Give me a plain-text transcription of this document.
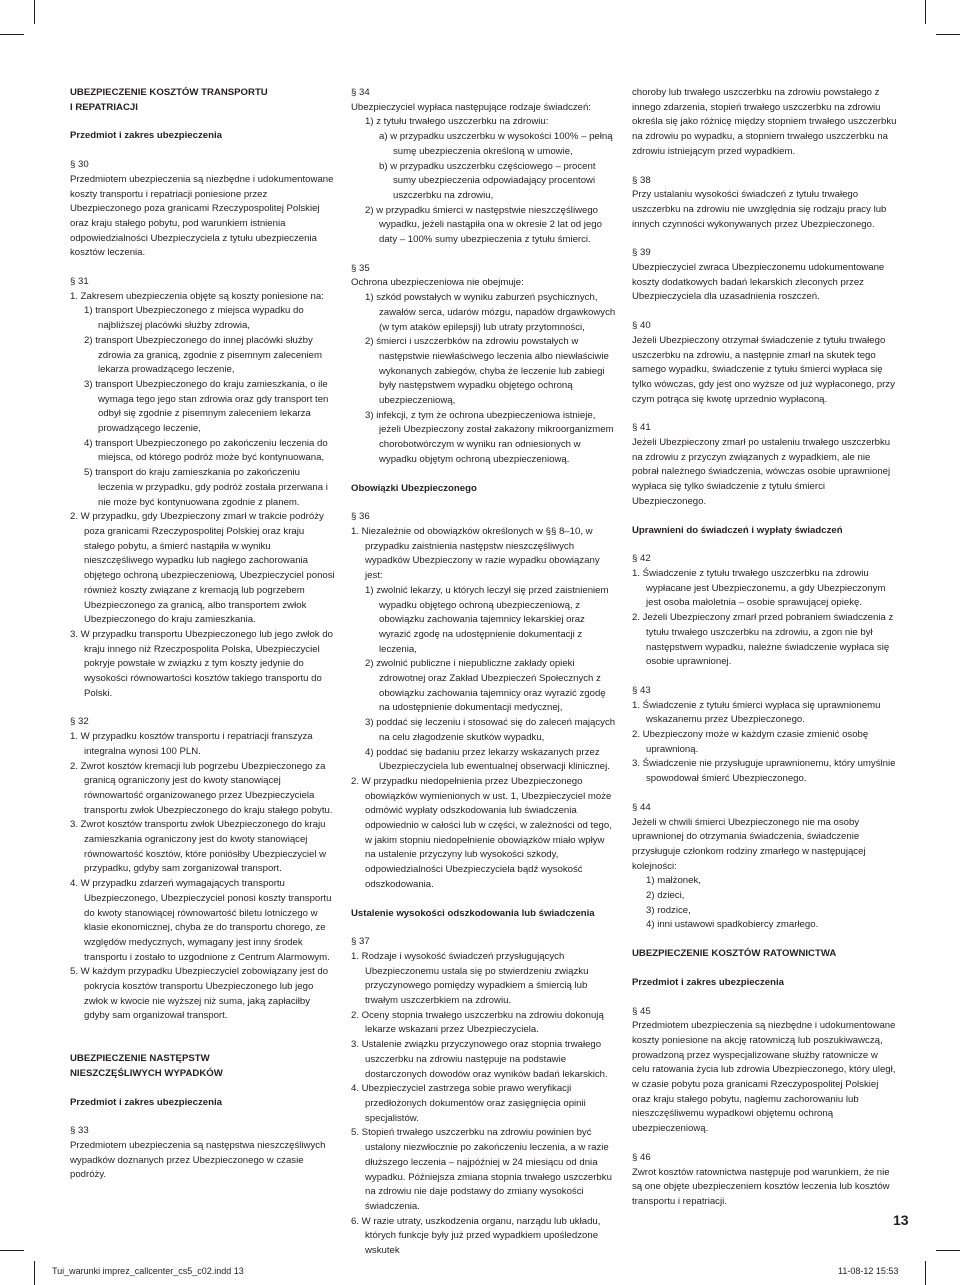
UBEZPIECZENIE KOSZTÓW TRANSPORTU

I REPATRIACJI

Przedmiot i zakres ubezpieczenia

§ 30

Przedmiotem ubezpieczenia są niezbędne i udokumentowane koszty transportu i repatriacji poniesione przez Ubezpieczonego poza granicami Rzeczypospolitej Polskiej oraz kraju stałego pobytu, pod warunkiem istnienia odpowiedzialności Ubezpieczyciela z tytułu ubezpieczenia kosztów leczenia.

§ 31

1. Zakresem ubezpieczenia objęte są koszty poniesione na:

1) transport Ubezpieczonego z miejsca wypadku do najbliższej placówki służby zdrowia,

2) transport Ubezpieczonego do innej placówki służby zdrowia za granicą, zgodnie z pisemnym zaleceniem lekarza prowadzącego leczenie,

3) transport Ubezpieczonego do kraju zamieszkania, o ile wymaga tego jego stan zdrowia oraz gdy transport ten odbył się zgodnie z pisemnym zaleceniem lekarza prowadzącego leczenie,

4) transport Ubezpieczonego po zakończeniu leczenia do miejsca, od którego podróż może być kontynuowana,

5) transport do kraju zamieszkania po zakończeniu leczenia w przypadku, gdy podróż została przerwana i nie może być kontynuowana zgodnie z planem.

2. W przypadku, gdy Ubezpieczony zmarł w trakcie podróży poza granicami Rzeczypospolitej Polskiej oraz kraju stałego pobytu, a śmierć nastąpiła w wyniku nieszczęśliwego wypadku lub nagłego zachorowania objętego ochroną ubezpieczeniową, Ubezpieczyciel ponosi również koszty związane z kremacją lub pogrzebem Ubezpieczonego za granicą, albo transportem zwłok Ubezpieczonego do kraju zamieszkania.

3. W przypadku transportu Ubezpieczonego lub jego zwłok do kraju innego niż Rzeczpospolita Polska, Ubezpieczyciel pokryje powstałe w związku z tym koszty jedynie do wysokości równowartości kosztów takiego transportu do Polski.

§ 32

1. W przypadku kosztów transportu i repatriacji franszyza integralna wynosi 100 PLN.

2. Zwrot kosztów kremacji lub pogrzebu Ubezpieczonego za granicą ograniczony jest do kwoty stanowiącej równowartość organizowanego przez Ubezpieczyciela transportu zwłok Ubezpieczonego do kraju stałego pobytu.

3. Zwrot kosztów transportu zwłok Ubezpieczonego do kraju zamieszkania ograniczony jest do kwoty stanowiącej równowartość kosztów, które poniósłby Ubezpieczyciel w przypadku, gdyby sam zorganizował transport.

4. W przypadku zdarzeń wymagających transportu Ubezpieczonego, Ubezpieczyciel ponosi koszty transportu do kwoty stanowiącej równowartość biletu lotniczego w klasie ekonomicznej, chyba że do transportu chorego, ze względów medycznych, wymagany jest inny środek transportu i zostało to uzgodnione z Centrum Alarmowym.

5. W każdym przypadku Ubezpieczyciel zobowiązany jest do pokrycia kosztów transportu Ubezpieczonego lub jego zwłok w kwocie nie wyższej niż suma, jaką zapłaciłby gdyby sam organizował transport.

UBEZPIECZENIE NASTĘPSTW

NIESZCZĘŚLIWYCH WYPADKÓW

Przedmiot i zakres ubezpieczenia

§ 33

Przedmiotem ubezpieczenia są następstwa nieszczęśliwych wypadków doznanych przez Ubezpieczonego w czasie podróży.

§ 34

Ubezpieczyciel wypłaca następujące rodzaje świadczeń:

1) z tytułu trwałego uszczerbku na zdrowiu:

a) w przypadku uszczerbku w wysokości 100% – pełną sumę ubezpieczenia określoną w umowie,

b) w przypadku uszczerbku częściowego – procent sumy ubezpieczenia odpowiadający procentowi uszczerbku na zdrowiu,

2) w przypadku śmierci w następstwie nieszczęśliwego wypadku, jeżeli nastąpiła ona w okresie 2 lat od jego daty – 100% sumy ubezpieczenia z tytułu śmierci.

§ 35

Ochrona ubezpieczeniowa nie obejmuje:

1) szkód powstałych w wyniku zaburzeń psychicznych, zawałów serca, udarów mózgu, napadów drgawkowych (w tym ataków epilepsji) lub utraty przytomności,

2) śmierci i uszczerbków na zdrowiu powstałych w następstwie niewłaściwego leczenia albo niewłaściwie wykonanych zabiegów, chyba że leczenie lub zabiegi były następstwem wypadku objętego ochroną ubezpieczeniową,

3) infekcji, z tym że ochrona ubezpieczeniowa istnieje, jeżeli Ubezpieczony został zakażony mikroorganizmem chorobotwórczym w wyniku ran odniesionych w wypadku objętym ochroną ubezpieczeniową.

Obowiązki Ubezpieczonego

§ 36

1. Niezależnie od obowiązków określonych w §§ 8–10, w przypadku zaistnienia następstw nieszczęśliwych wypadków Ubezpieczony w razie wypadku obowiązany jest:

1) zwolnić lekarzy, u których leczył się przed zaistnieniem wypadku objętego ochroną ubezpieczeniową, z obowiązku zachowania tajemnicy lekarskiej oraz wyrazić zgodę na udostępnienie dokumentacji z leczenia,

2) zwolnić publiczne i niepubliczne zakłady opieki zdrowotnej oraz Zakład Ubezpieczeń Społecznych z obowiązku zachowania tajemnicy oraz wyrazić zgodę na udostępnienie dokumentacji medycznej,

3) poddać się leczeniu i stosować się do zaleceń mających na celu złagodzenie skutków wypadku,

4) poddać się badaniu przez lekarzy wskazanych przez Ubezpieczyciela lub ewentualnej obserwacji klinicznej.

2. W przypadku niedopełnienia przez Ubezpieczonego obowiązków wymienionych w ust. 1, Ubezpieczyciel może odmówić wypłaty odszkodowania lub świadczenia odpowiednio w całości lub w części, w zależności od tego, w jakim stopniu niedopełnienie obowiązków miało wpływ na ustalenie przyczyny lub wysokości szkody, odpowiedzialności Ubezpieczyciela bądź wysokość odszkodowania.

Ustalenie wysokości odszkodowania lub świadczenia

§ 37

1. Rodzaje i wysokość świadczeń przysługujących Ubezpieczonemu ustala się po stwierdzeniu związku przyczynowego pomiędzy wypadkiem a śmiercią lub trwałym uszczerbkiem na zdrowiu.

2. Oceny stopnia trwałego uszczerbku na zdrowiu dokonują lekarze wskazani przez Ubezpieczyciela.

3. Ustalenie związku przyczynowego oraz stopnia trwałego uszczerbku na zdrowiu następuje na podstawie dostarczonych dowodów oraz wyników badań lekarskich.

4. Ubezpieczyciel zastrzega sobie prawo weryfikacji przedłożonych dokumentów oraz zasięgnięcia opinii specjalistów.

5. Stopień trwałego uszczerbku na zdrowiu powinien być ustalony niezwłocznie po zakończeniu leczenia, a w razie dłuższego leczenia – najpóźniej w 24 miesiącu od dnia wypadku. Późniejsza zmiana stopnia trwałego uszczerbku na zdrowiu nie daje podstawy do zmiany wysokości świadczenia.

6. W razie utraty, uszkodzenia organu, narządu lub układu, których funkcje były już przed wypadkiem upośledzone wskutek

choroby lub trwałego uszczerbku na zdrowiu powstałego z innego zdarzenia, stopień trwałego uszczerbku na zdrowiu określa się jako różnicę między stopniem trwałego uszczerbku na zdrowiu po wypadku, a stopniem trwałego uszczerbku na zdrowiu istniejącym przed wypadkiem.

§ 38

Przy ustalaniu wysokości świadczeń z tytułu trwałego uszczerbku na zdrowiu nie uwzględnia się rodzaju pracy lub innych czynności wykonywanych przez Ubezpieczonego.

§ 39

Ubezpieczyciel zwraca Ubezpieczonemu udokumentowane koszty dodatkowych badań lekarskich zleconych przez Ubezpieczyciela dla uzasadnienia roszczeń.

§ 40

Jeżeli Ubezpieczony otrzymał świadczenie z tytułu trwałego uszczerbku na zdrowiu, a następnie zmarł na skutek tego samego wypadku, świadczenie z tytułu śmierci wypłaca się tylko wówczas, gdy jest ono wyższe od już wypłaconego, przy czym potrąca się kwotę uprzednio wypłaconą.

§ 41

Jeżeli Ubezpieczony zmarł po ustaleniu trwałego uszczerbku na zdrowiu z przyczyn związanych z wypadkiem, ale nie pobrał należnego świadczenia, wówczas osobie uprawnionej wypłaca się tylko świadczenie z tytułu śmierci Ubezpieczonego.

Uprawnieni do świadczeń i wypłaty świadczeń

§ 42

1. Świadczenie z tytułu trwałego uszczerbku na zdrowiu wypłacane jest Ubezpieczonemu, a gdy Ubezpieczonym jest osoba małoletnia – osobie sprawującej opiekę.

2. Jeżeli Ubezpieczony zmarł przed pobraniem świadczenia z tytułu trwałego uszczerbku na zdrowiu, a zgon nie był następstwem wypadku, należne świadczenie wypłaca się osobie uprawnionej.

§ 43

1. Świadczenie z tytułu śmierci wypłaca się uprawnionemu wskazanemu przez Ubezpieczonego.

2. Ubezpieczony może w każdym czasie zmienić osobę uprawnioną.

3. Świadczenie nie przysługuje uprawnionemu, który umyślnie spowodował śmierć Ubezpieczonego.

§ 44

Jeżeli w chwili śmierci Ubezpieczonego nie ma osoby uprawnionej do otrzymania świadczenia, świadczenie przysługuje członkom rodziny zmarłego w następującej kolejności:

1) małżonek,

2) dzieci,

3) rodzice,

4) inni ustawowi spadkobiercy zmarłego.

UBEZPIECZENIE KOSZTÓW RATOWNICTWA

Przedmiot i zakres ubezpieczenia

§ 45

Przedmiotem ubezpieczenia są niezbędne i udokumentowane koszty poniesione na akcję ratowniczą lub poszukiwawczą, prowadzoną przez wyspecjalizowane służby ratownicze w celu ratowania życia lub zdrowia Ubezpieczonego, który uległ, w czasie pobytu poza granicami Rzeczypospolitej Polskiej oraz kraju stałego pobytu, nagłemu zachorowaniu lub nieszczęśliwemu wypadkowi objętemu ochroną ubezpieczeniową.

§ 46

Zwrot kosztów ratownictwa następuje pod warunkiem, że nie są one objęte ubezpieczeniem kosztów leczenia lub kosztów transportu i repatriacji.

13
Tui_warunki imprez_callcenter_cs5_c02.indd 13	11-08-12 15:53
